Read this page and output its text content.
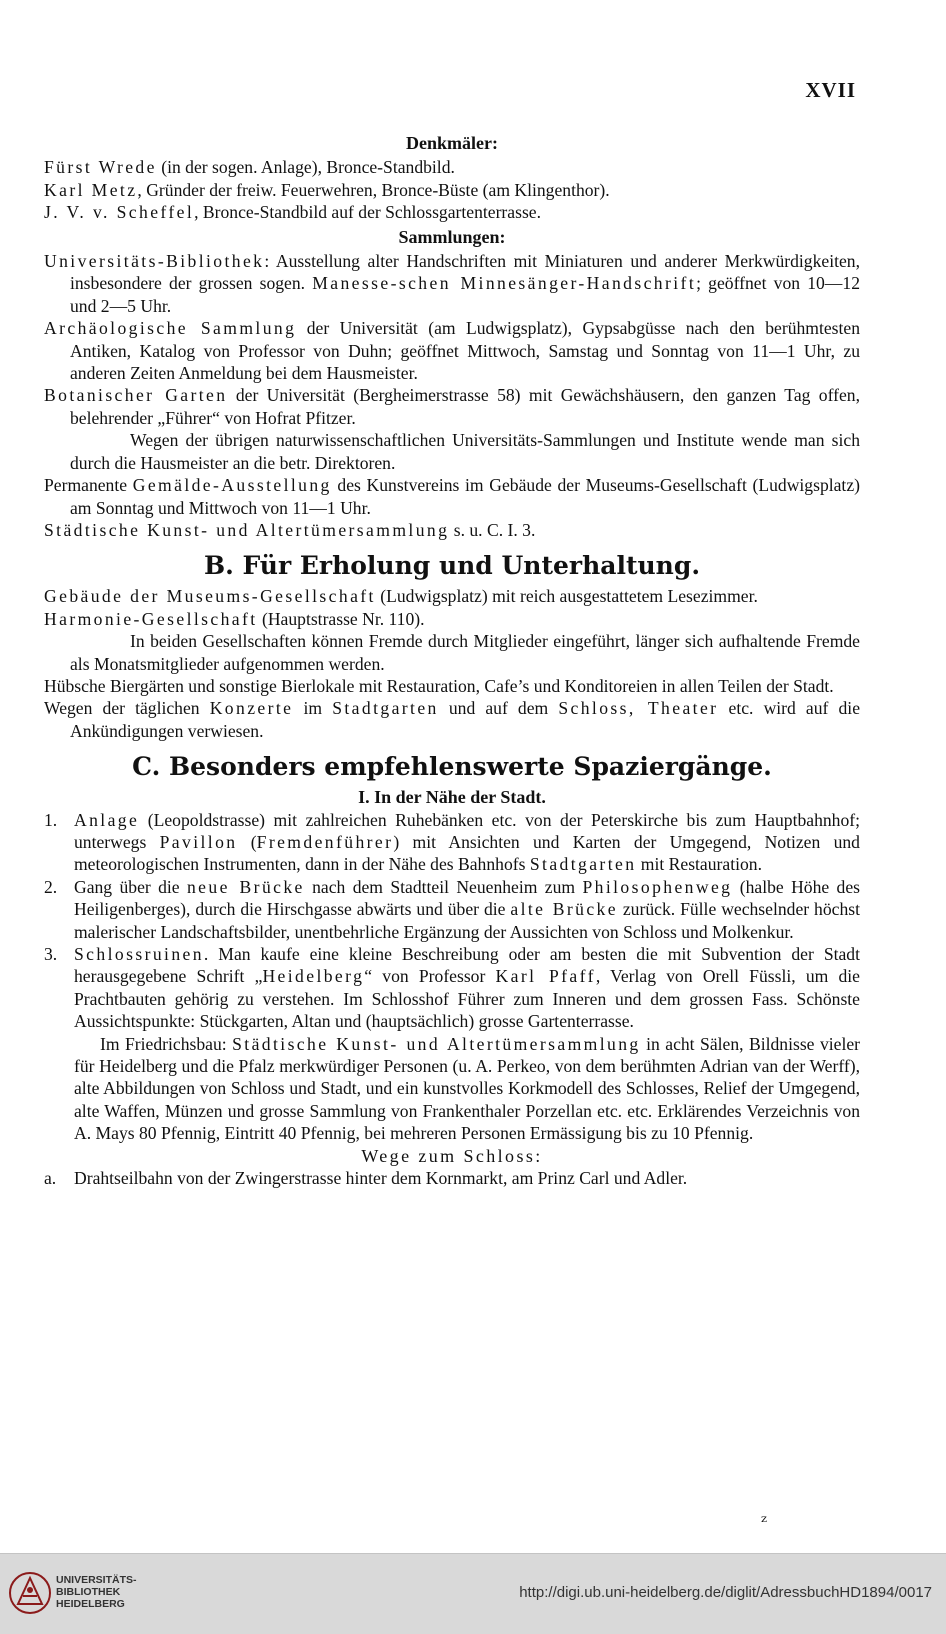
XVII
Denkmäler:

Fürst Wrede (in der sogen. Anlage), Bronce-Standbild.

Karl Metz, Gründer der freiw. Feuerwehren, Bronce-Büste (am Klingenthor).

J. V. v. Scheffel, Bronce-Standbild auf der Schlossgartenterrasse.

Sammlungen:

Universitäts-Bibliothek: Ausstellung alter Handschriften mit Miniaturen und anderer Merkwürdigkeiten, insbesondere der grossen sogen. Manesse-schen Minnesänger-Handschrift; geöffnet von 10—12 und 2—5 Uhr.

Archäologische Sammlung der Universität (am Ludwigsplatz), Gypsabgüsse nach den berühmtesten Antiken, Katalog von Professor von Duhn; geöffnet Mittwoch, Samstag und Sonntag von 11—1 Uhr, zu anderen Zeiten Anmeldung bei dem Hausmeister.

Botanischer Garten der Universität (Bergheimerstrasse 58) mit Gewächshäusern, den ganzen Tag offen, belehrender „Führer“ von Hofrat Pfitzer.

Wegen der übrigen naturwissenschaftlichen Universitäts-Sammlungen und Institute wende man sich durch die Hausmeister an die betr. Direktoren.

Permanente Gemälde-Ausstellung des Kunstvereins im Gebäude der Museums-Gesellschaft (Ludwigsplatz) am Sonntag und Mittwoch von 11—1 Uhr.

Städtische Kunst- und Altertümersammlung s. u. C. I. 3.

B. Für Erholung und Unterhaltung.

Gebäude der Museums-Gesellschaft (Ludwigsplatz) mit reich ausgestattetem Lesezimmer.

Harmonie-Gesellschaft (Hauptstrasse Nr. 110).

In beiden Gesellschaften können Fremde durch Mitglieder eingeführt, länger sich aufhaltende Fremde als Monatsmitglieder aufgenommen werden.

Hübsche Biergärten und sonstige Bierlokale mit Restauration, Cafe’s und Konditoreien in allen Teilen der Stadt.

Wegen der täglichen Konzerte im Stadtgarten und auf dem Schloss, Theater etc. wird auf die Ankündigungen verwiesen.

C. Besonders empfehlenswerte Spaziergänge.
I. In der Nähe der Stadt.

1. Anlage (Leopoldstrasse) mit zahlreichen Ruhebänken etc. von der Peterskirche bis zum Hauptbahnhof; unterwegs Pavillon (Fremdenführer) mit Ansichten und Karten der Umgegend, Notizen und meteorologischen Instrumenten, dann in der Nähe des Bahnhofs Stadtgarten mit Restauration.

2. Gang über die neue Brücke nach dem Stadtteil Neuenheim zum Philosophenweg (halbe Höhe des Heiligenberges), durch die Hirschgasse abwärts und über die alte Brücke zurück. Fülle wechselnder höchst malerischer Landschaftsbilder, unentbehrliche Ergänzung der Aussichten von Schloss und Molkenkur.

3. Schlossruinen. Man kaufe eine kleine Beschreibung oder am besten die mit Subvention der Stadt herausgegebene Schrift „Heidelberg“ von Professor Karl Pfaff, Verlag von Orell Füssli, um die Prachtbauten gehörig zu verstehen. Im Schlosshof Führer zum Inneren und dem grossen Fass. Schönste Aussichtspunkte: Stückgarten, Altan und (hauptsächlich) grosse Gartenterrasse.

Im Friedrichsbau: Städtische Kunst- und Altertümersammlung in acht Sälen, Bildnisse vieler für Heidelberg und die Pfalz merkwürdiger Personen (u. A. Perkeo, von dem berühmten Adrian van der Werff), alte Abbildungen von Schloss und Stadt, und ein kunstvolles Korkmodell des Schlosses, Relief der Umgegend, alte Waffen, Münzen und grosse Sammlung von Frankenthaler Porzellan etc. etc. Erklärendes Verzeichnis von A. Mays 80 Pfennig, Eintritt 40 Pfennig, bei mehreren Personen Ermässigung bis zu 10 Pfennig.

Wege zum Schloss:

a. Drahtseilbahn von der Zwingerstrasse hinter dem Kornmarkt, am Prinz Carl und Adler.

ᶻ
UNIVERSITÄTS-
BIBLIOTHEK
HEIDELBERG
http://digi.ub.uni-heidelberg.de/diglit/AdressbuchHD1894/0017
